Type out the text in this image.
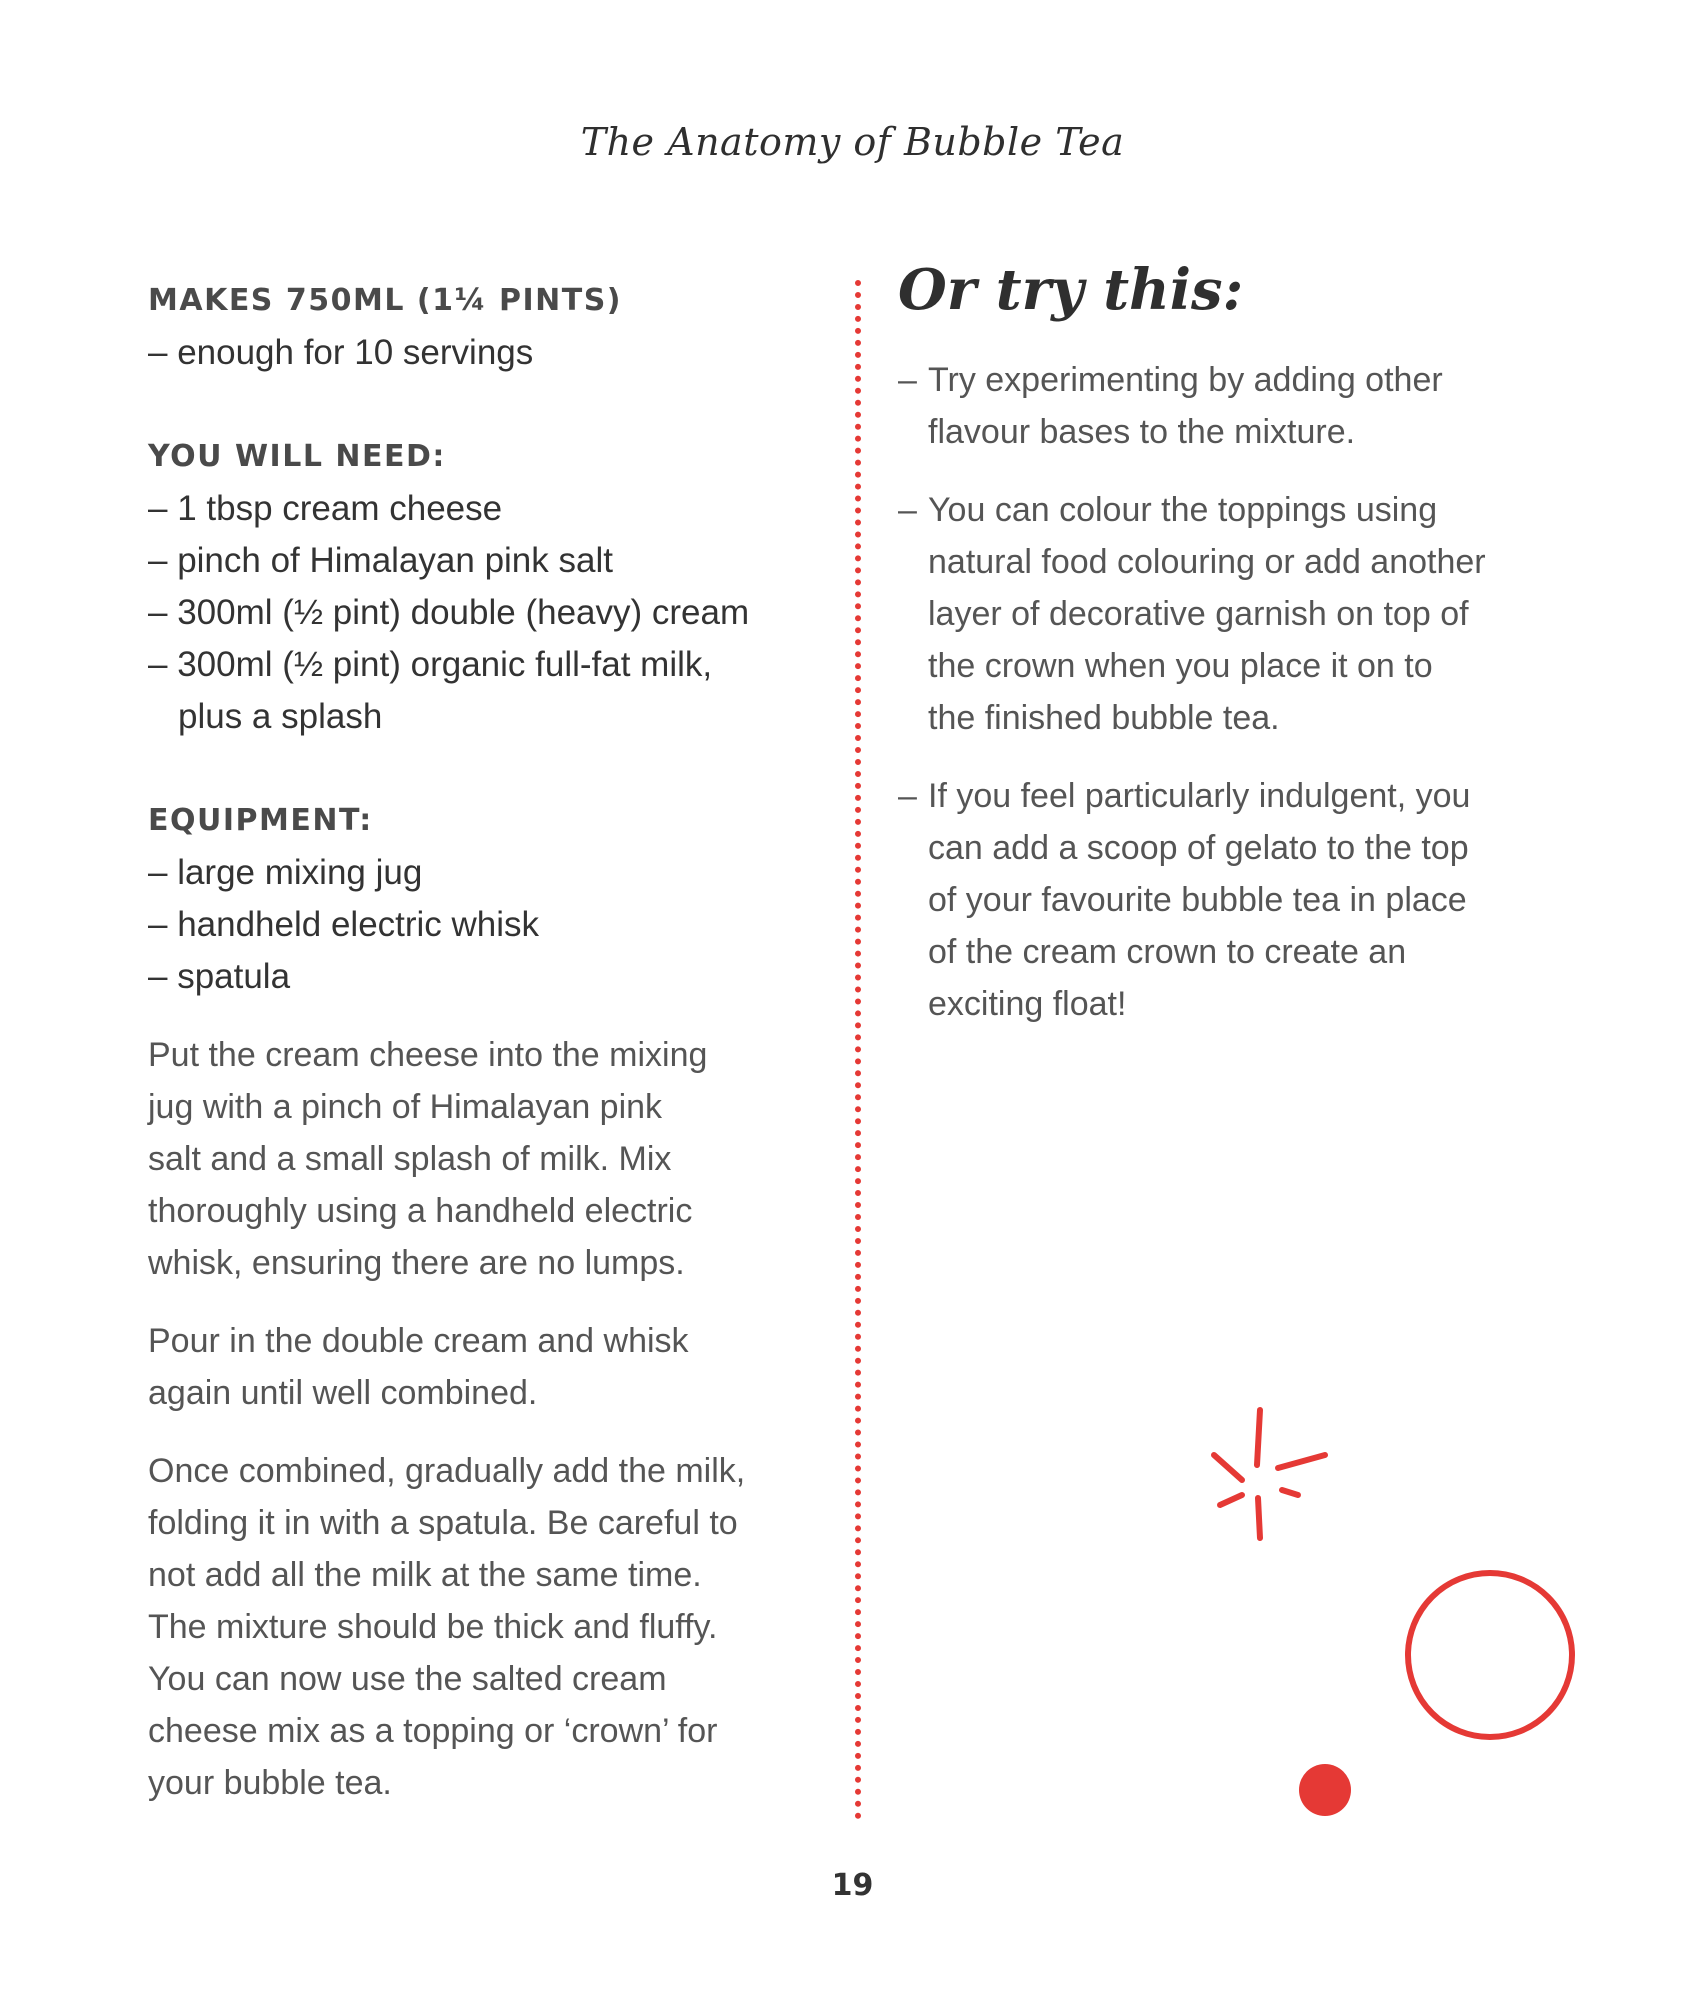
The Anatomy of Bubble Tea
MAKES 750ML (1¼ PINTS)
– enough for 10 servings
YOU WILL NEED:
– 1 tbsp cream cheese
– pinch of Himalayan pink salt
– 300ml (½ pint) double (heavy) cream
– 300ml (½ pint) organic full-fat milk,
plus a splash
EQUIPMENT:
– large mixing jug
– handheld electric whisk
– spatula

Put the cream cheese into the mixing
jug with a pinch of Himalayan pink
salt and a small splash of milk. Mix
thoroughly using a handheld electric
whisk, ensuring there are no lumps.

Pour in the double cream and whisk
again until well combined.

Once combined, gradually add the milk,
folding it in with a spatula. Be careful to
not add all the milk at the same time.
The mixture should be thick and fluffy.
You can now use the salted cream
cheese mix as a topping or ‘crown’ for
your bubble tea.

Or try this:
– Try experimenting by adding other
flavour bases to the mixture.
– You can colour the toppings using
natural food colouring or add another
layer of decorative garnish on top of
the crown when you place it on to
the finished bubble tea.
– If you feel particularly indulgent, you
can add a scoop of gelato to the top
of your favourite bubble tea in place
of the cream crown to create an
exciting float!
19
